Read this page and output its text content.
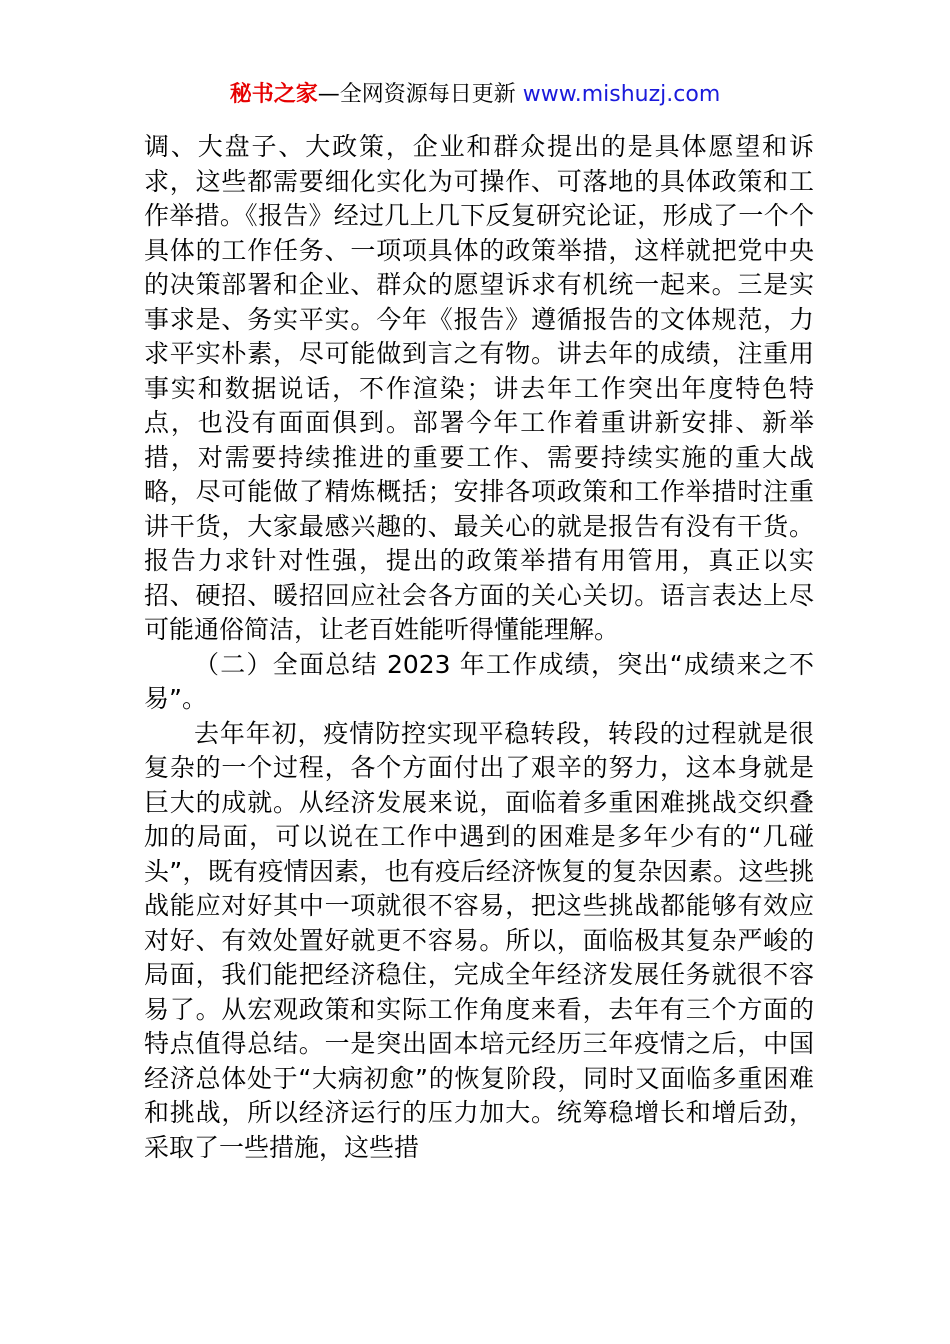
秘书之家—全网资源每日更新 www.mishuzj.com

调、大盘子、大政策，企业和群众提出的是具体愿望和诉求，这些都需要细化实化为可操作、可落地的具体政策和工作举措。《报告》经过几上几下反复研究论证，形成了一个个具体的工作任务、一项项具体的政策举措，这样就把党中央的决策部署和企业、群众的愿望诉求有机统一起来。三是实事求是、务实平实。今年《报告》遵循报告的文体规范，力求平实朴素，尽可能做到言之有物。讲去年的成绩，注重用事实和数据说话，不作渲染；讲去年工作突出年度特色特点，也没有面面俱到。部署今年工作着重讲新安排、新举措，对需要持续推进的重要工作、需要持续实施的重大战略，尽可能做了精炼概括；安排各项政策和工作举措时注重讲干货，大家最感兴趣的、最关心的就是报告有没有干货。报告力求针对性强，提出的政策举措有用管用，真正以实招、硬招、暖招回应社会各方面的关心关切。语言表达上尽可能通俗简洁，让老百姓能听得懂能理解。

（二）全面总结 2023 年工作成绩，突出“成绩来之不易”。

去年年初，疫情防控实现平稳转段，转段的过程就是很复杂的一个过程，各个方面付出了艰辛的努力，这本身就是巨大的成就。从经济发展来说，面临着多重困难挑战交织叠加的局面，可以说在工作中遇到的困难是多年少有的“几碰头”，既有疫情因素，也有疫后经济恢复的复杂因素。这些挑战能应对好其中一项就很不容易，把这些挑战都能够有效应对好、有效处置好就更不容易。所以，面临极其复杂严峻的局面，我们能把经济稳住，完成全年经济发展任务就很不容易了。从宏观政策和实际工作角度来看，去年有三个方面的特点值得总结。一是突出固本培元经历三年疫情之后，中国经济总体处于“大病初愈”的恢复阶段，同时又面临多重困难和挑战，所以经济运行的压力加大。统筹稳增长和增后劲，采取了一些措施，这些措
